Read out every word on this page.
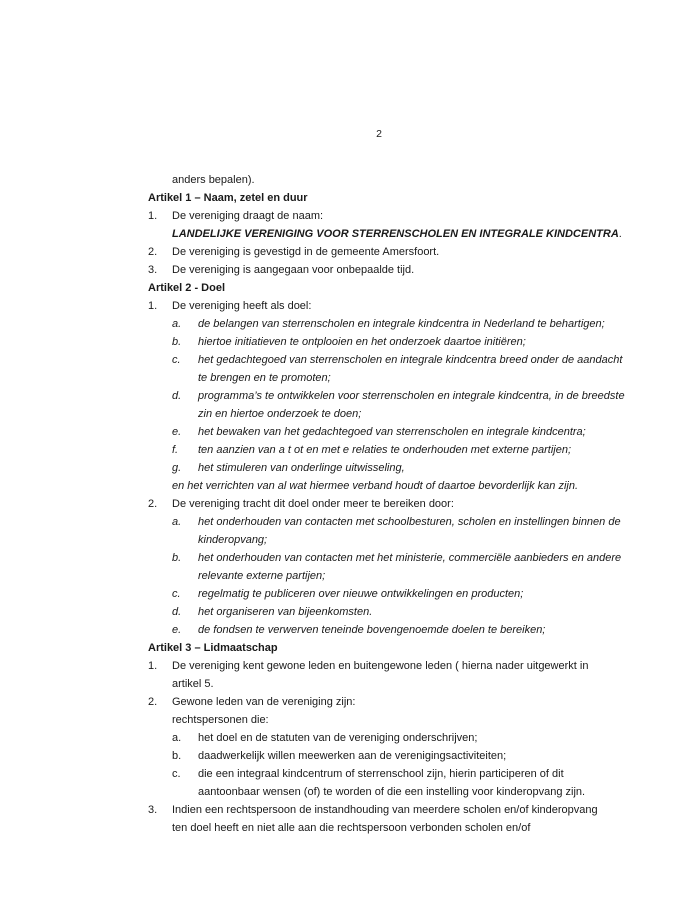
2
anders bepalen).
Artikel 1 – Naam, zetel en duur
1. De vereniging draagt de naam:
LANDELIJKE VERENIGING VOOR STERRENSCHOLEN EN INTEGRALE KINDCENTRA.
2. De vereniging is gevestigd in de gemeente Amersfoort.
3. De vereniging is aangegaan voor onbepaalde tijd.
Artikel 2 - Doel
1. De vereniging heeft als doel:
a. de belangen van sterrenscholen en integrale kindcentra in Nederland te behartigen;
b. hiertoe initiatieven te ontplooien en het onderzoek daartoe initiëren;
c. het gedachtegoed van sterrenscholen en integrale kindcentra breed onder de aandacht
te brengen en te promoten;
d. programma’s te ontwikkelen voor sterrenscholen en integrale kindcentra, in de breedste
zin en hiertoe onderzoek te doen;
e. het bewaken van het gedachtegoed van sterrenscholen en integrale kindcentra;
f. ten aanzien van a t ot en met e relaties te onderhouden met externe partijen;
g. het stimuleren van onderlinge uitwisseling,
en het verrichten van al wat hiermee verband houdt of daartoe bevorderlijk kan zijn.
2. De vereniging tracht dit doel onder meer te bereiken door:
a. het onderhouden van contacten met schoolbesturen, scholen en instellingen binnen de
kinderopvang;
b. het onderhouden van contacten met het ministerie, commerciële aanbieders en andere
relevante externe partijen;
c. regelmatig te publiceren over nieuwe ontwikkelingen en producten;
d. het organiseren van bijeenkomsten.
e. de fondsen te verwerven teneinde bovengenoemde doelen te bereiken;
Artikel 3 – Lidmaatschap
1. De vereniging kent gewone leden en buitengewone leden ( hierna nader uitgewerkt in
artikel 5.
2. Gewone leden van de vereniging zijn:
rechtspersonen die:
a. het doel en de statuten van de vereniging onderschrijven;
b. daadwerkelijk willen meewerken aan de verenigingsactiviteiten;
c. die een integraal kindcentrum of sterrenschool zijn, hierin participeren of dit
aantoonbaar wensen (of) te worden of die een instelling voor kinderopvang zijn.
3. Indien een rechtspersoon de instandhouding van meerdere scholen en/of kinderopvang
ten doel heeft en niet alle aan die rechtspersoon verbonden scholen en/of
